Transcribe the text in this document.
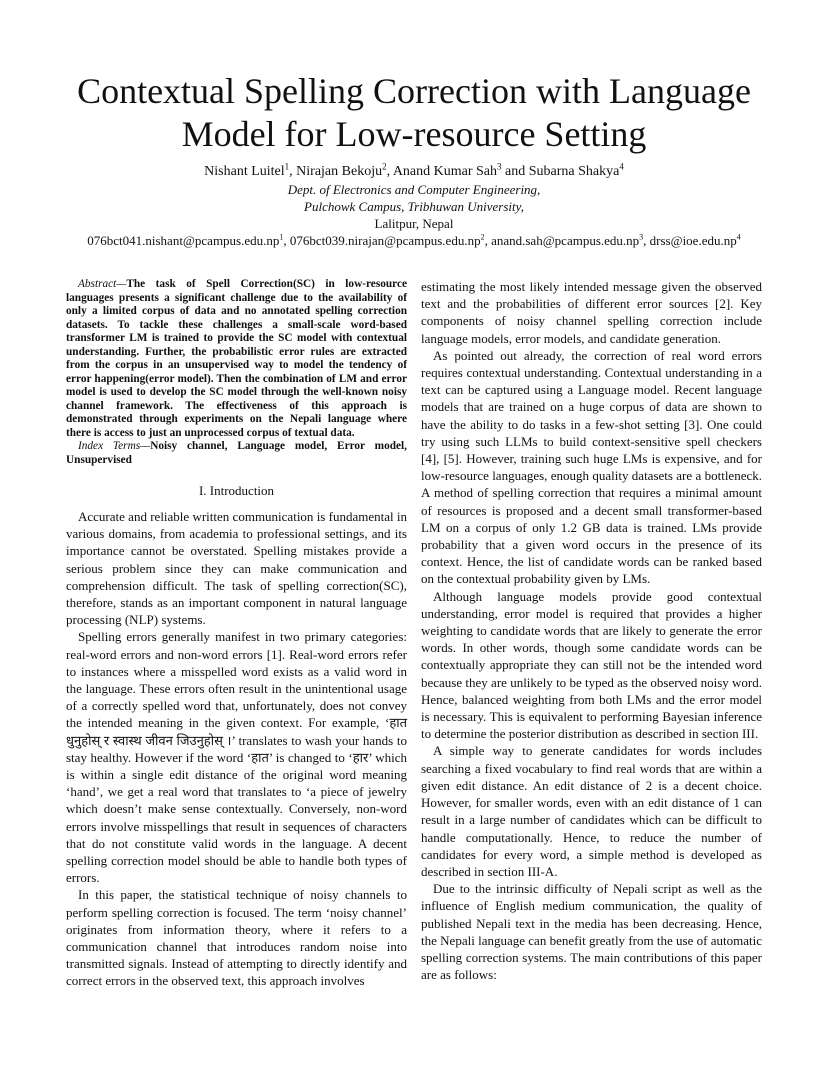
Contextual Spelling Correction with Language
Model for Low-resource Setting
Nishant Luitel$^1$, Nirajan Bekoju$^2$, Anand Kumar Sah$^3$ and Subarna Shakya$^4$
Dept. of Electronics and Computer Engineering,
Pulchowk Campus, Tribhuwan University,
Lalitpur, Nepal
$076bct041.nishant@pcampus.edu.np^1$, $076bct039.nirajan@pcampus.edu.np^2$, $anand.sah@pcampus.edu.np^3$, $drss@ioe.edu.np^4$

Abstract—The task of Spell Correction(SC) in low-resource languages presents a significant challenge due to the availability of only a limited corpus of data and no annotated spelling correction datasets. To tackle these challenges a small-scale word-based transformer LM is trained to provide the SC model with contextual understanding. Further, the probabilistic error rules are extracted from the corpus in an unsupervised way to model the tendency of error happening(error model). Then the combination of LM and error model is used to develop the SC model through the well-known noisy channel framework. The effectiveness of this approach is demonstrated through experiments on the Nepali language where there is access to just an unprocessed corpus of textual data.

Index Terms—Noisy channel, Language model, Error model, Unsupervised

I. Introduction

Accurate and reliable written communication is fundamental in various domains, from academia to professional settings, and its importance cannot be overstated. Spelling mistakes provide a serious problem since they can make communication and comprehension difficult. The task of spelling correction(SC), therefore, stands as an important component in natural language processing (NLP) systems.

Spelling errors generally manifest in two primary categories: real-word errors and non-word errors [1]. Real-word errors refer to instances where a misspelled word exists as a valid word in the language. These errors often result in the unintentional usage of a correctly spelled word that, unfortunately, does not convey the intended meaning in the given context. For example, ‘हात धुनुहोस् र स्वास्थ जीवन जिउनुहोस् ।’ translates to wash your hands to stay healthy. However if the word ‘हात’ is changed to ‘हार’ which is within a single edit distance of the original word meaning ‘hand’, we get a real word that translates to ‘a piece of jewelry which doesn’t make sense contextually. Conversely, non-word errors involve misspellings that result in sequences of characters that do not constitute valid words in the language. A decent spelling correction model should be able to handle both types of errors.

In this paper, the statistical technique of noisy channels to perform spelling correction is focused. The term ‘noisy channel’ originates from information theory, where it refers to a communication channel that introduces random noise into transmitted signals. Instead of attempting to directly identify and correct errors in the observed text, this approach involves

estimating the most likely intended message given the observed text and the probabilities of different error sources [2]. Key components of noisy channel spelling correction include language models, error models, and candidate generation.

As pointed out already, the correction of real word errors requires contextual understanding. Contextual understanding in a text can be captured using a Language model. Recent language models that are trained on a huge corpus of data are shown to have the ability to do tasks in a few-shot setting [3]. One could try using such LLMs to build context-sensitive spell checkers [4], [5]. However, training such huge LMs is expensive, and for low-resource languages, enough quality datasets are a bottleneck. A method of spelling correction that requires a minimal amount of resources is proposed and a decent small transformer-based LM on a corpus of only 1.2 GB data is trained. LMs provide probability that a given word occurs in the presence of its context. Hence, the list of candidate words can be ranked based on the contextual probability given by LMs.

Although language models provide good contextual understanding, error model is required that provides a higher weighting to candidate words that are likely to generate the error words. In other words, though some candidate words can be contextually appropriate they can still not be the intended word because they are unlikely to be typed as the observed noisy word. Hence, balanced weighting from both LMs and the error model is necessary. This is equivalent to performing Bayesian inference to determine the posterior distribution as described in section III.

A simple way to generate candidates for words includes searching a fixed vocabulary to find real words that are within a given edit distance. An edit distance of 2 is a decent choice. However, for smaller words, even with an edit distance of 1 can result in a large number of candidates which can be difficult to handle computationally. Hence, to reduce the number of candidates for every word, a simple method is developed as described in section III-A.

Due to the intrinsic difficulty of Nepali script as well as the influence of English medium communication, the quality of published Nepali text in the media has been decreasing. Hence, the Nepali language can benefit greatly from the use of automatic spelling correction systems. The main contributions of this paper are as follows:
